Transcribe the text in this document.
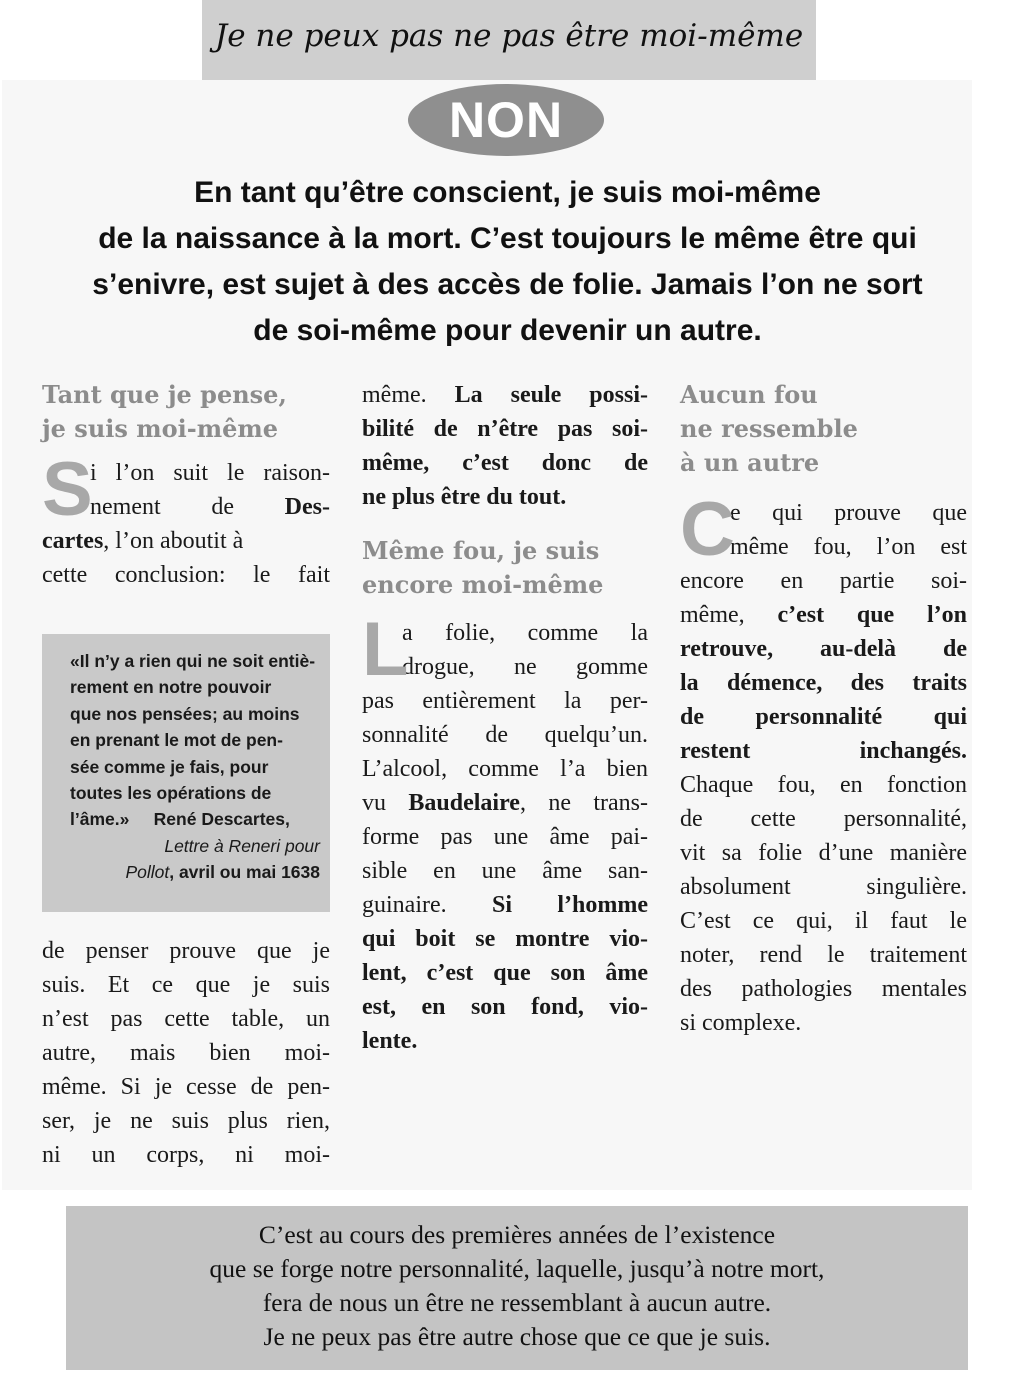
Je ne peux pas ne pas être moi-même
NON
En tant qu’être conscient, je suis moi-même
de la naissance à la mort. C’est toujours le même être qui
s’enivre, est sujet à des accès de folie. Jamais l’on ne sort
de soi-même pour devenir un autre.
Tant que je pense,
je suis moi-même
S
i l’on suit le raison-
nement de Des-
cartes, l’on aboutit à
cette conclusion: le fait
«Il n’y a rien qui ne soit entiè-
rement en notre pouvoir
que nos pensées; au moins
en prenant le mot de pen-
sée comme je fais, pour
toutes les opérations de
l’âme.» René Descartes,
Lettre à Reneri pour
Pollot, avril ou mai 1638
de penser prouve que je
suis. Et ce que je suis
n’est pas cette table, un
autre, mais bien moi-
même. Si je cesse de pen-
ser, je ne suis plus rien,
ni un corps, ni moi-
même. La seule possi-
bilité de n’être pas soi-
même, c’est donc de
ne plus être du tout.
Même fou, je suis
encore moi-même
L
a folie, comme la
drogue, ne gomme
pas entièrement la per-
sonnalité de quelqu’un.
L’alcool, comme l’a bien
vu Baudelaire, ne trans-
forme pas une âme pai-
sible en une âme san-
guinaire. Si l’homme
qui boit se montre vio-
lent, c’est que son âme
est, en son fond, vio-
lente.
Aucun fou
ne ressemble
à un autre
C
e qui prouve que
même fou, l’on est
encore en partie soi-
même, c’est que l’on
retrouve, au-delà de
la démence, des traits
de personnalité qui
restent inchangés.
Chaque fou, en fonction
de cette personnalité,
vit sa folie d’une manière
absolument singulière.
C’est ce qui, il faut le
noter, rend le traitement
des pathologies mentales
si complexe.
C’est au cours des premières années de l’existence
que se forge notre personnalité, laquelle, jusqu’à notre mort,
fera de nous un être ne ressemblant à aucun autre.
Je ne peux pas être autre chose que ce que je suis.
